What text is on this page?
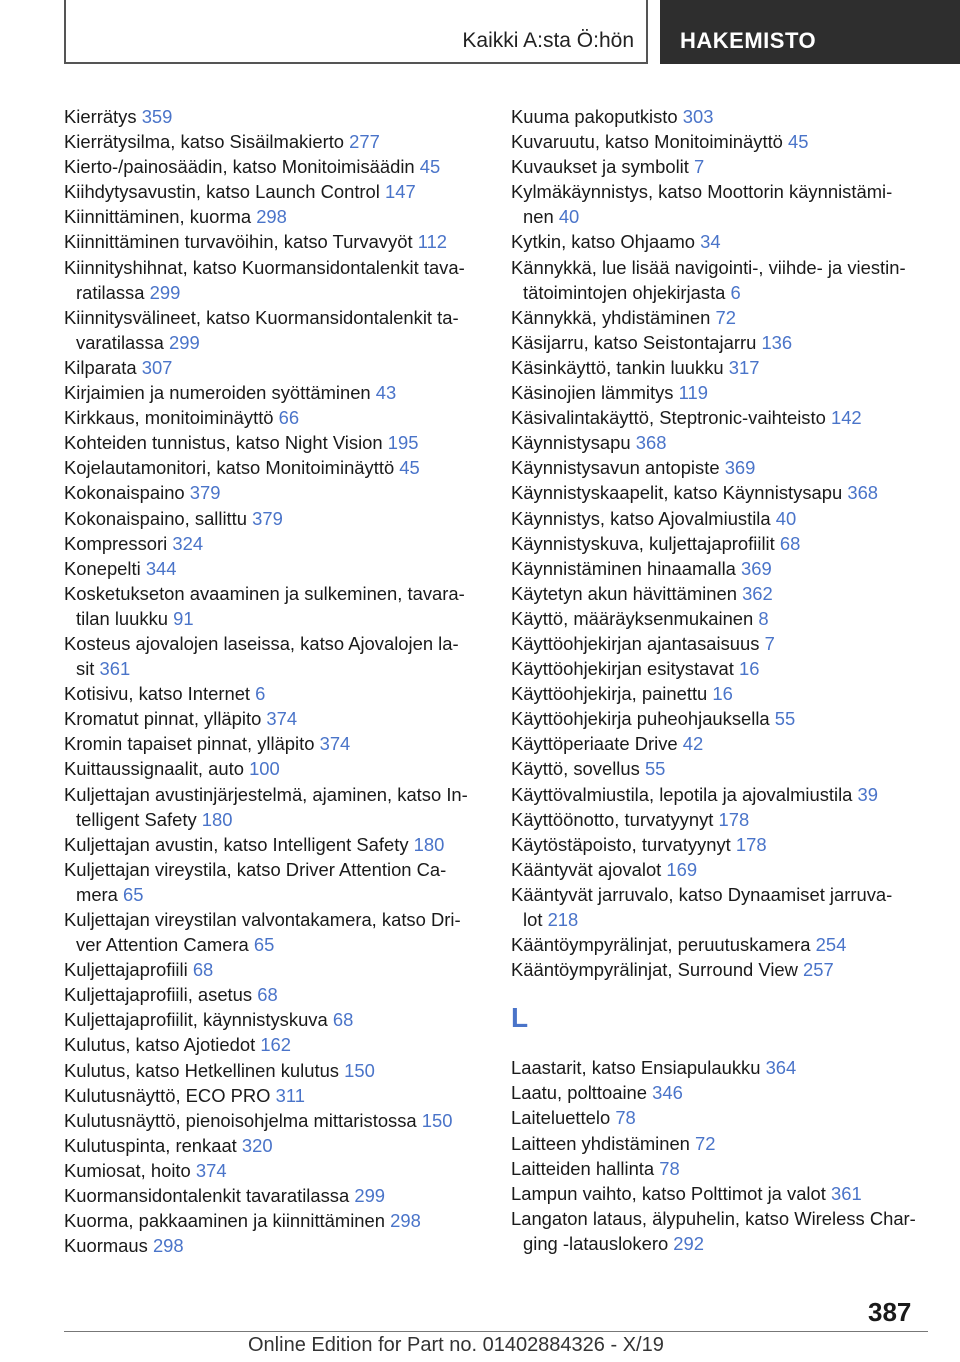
Kaikki A:sta Ö:hön HAKEMISTO
Kierrätys 359
Kierrätysilma, katso Sisäilmakierto 277
Kierto-/painosäädin, katso Monitoimisäädin 45
Kiihdytysavustin, katso Launch Control 147
Kiinnittäminen, kuorma 298
Kiinnittäminen turvavöihin, katso Turvavyöt 112
Kiinnityshihnat, katso Kuormansidontalenkit tava-
ratilassa 299
Kiinnitysvälineet, katso Kuormansidontalenkit ta-
varatilassa 299
Kilparata 307
Kirjaimien ja numeroiden syöttäminen 43
Kirkkaus, monitoiminäyttö 66
Kohteiden tunnistus, katso Night Vision 195
Kojelautamonitori, katso Monitoiminäyttö 45
Kokonaispaino 379
Kokonaispaino, sallittu 379
Kompressori 324
Konepelti 344
Kosketukseton avaaminen ja sulkeminen, tavara-
tilan luukku 91
Kosteus ajovalojen laseissa, katso Ajovalojen la-
sit 361
Kotisivu, katso Internet 6
Kromatut pinnat, ylläpito 374
Kromin tapaiset pinnat, ylläpito 374
Kuittaussignaalit, auto 100
Kuljettajan avustinjärjestelmä, ajaminen, katso In-
telligent Safety 180
Kuljettajan avustin, katso Intelligent Safety 180
Kuljettajan vireystila, katso Driver Attention Ca-
mera 65
Kuljettajan vireystilan valvontakamera, katso Dri-
ver Attention Camera 65
Kuljettajaprofiili 68
Kuljettajaprofiili, asetus 68
Kuljettajaprofiilit, käynnistyskuva 68
Kulutus, katso Ajotiedot 162
Kulutus, katso Hetkellinen kulutus 150
Kulutusnäyttö, ECO PRO 311
Kulutusnäyttö, pienoisohjelma mittaristossa 150
Kulutuspinta, renkaat 320
Kumiosat, hoito 374
Kuormansidontalenkit tavaratilassa 299
Kuorma, pakkaaminen ja kiinnittäminen 298
Kuormaus 298
Kuuma pakoputkisto 303
Kuvaruutu, katso Monitoiminäyttö 45
Kuvaukset ja symbolit 7
Kylmäkäynnistys, katso Moottorin käynnistämi-
nen 40
Kytkin, katso Ohjaamo 34
Kännykkä, lue lisää navigointi-, viihde- ja viestin-
tätoimintojen ohjekirjasta 6
Kännykkä, yhdistäminen 72
Käsijarru, katso Seistontajarru 136
Käsinkäyttö, tankin luukku 317
Käsinojien lämmitys 119
Käsivalintakäyttö, Steptronic-vaihteisto 142
Käynnistysapu 368
Käynnistysavun antopiste 369
Käynnistyskaapelit, katso Käynnistysapu 368
Käynnistys, katso Ajovalmiustila 40
Käynnistyskuva, kuljettajaprofiilit 68
Käynnistäminen hinaamalla 369
Käytetyn akun hävittäminen 362
Käyttö, määräyksenmukainen 8
Käyttöohjekirjan ajantasaisuus 7
Käyttöohjekirjan esitystavat 16
Käyttöohjekirja, painettu 16
Käyttöohjekirja puheohjauksella 55
Käyttöperiaate Drive 42
Käyttö, sovellus 55
Käyttövalmiustila, lepotila ja ajovalmiustila 39
Käyttöönotto, turvatyynyt 178
Käytöstäpoisto, turvatyynyt 178
Kääntyvät ajovalot 169
Kääntyvät jarruvalo, katso Dynaamiset jarruva-
lot 218
Kääntöympyrälinjat, peruutuskamera 254
Kääntöympyrälinjat, Surround View 257
L
Laastarit, katso Ensiapulaukku 364
Laatu, polttoaine 346
Laiteluettelo 78
Laitteen yhdistäminen 72
Laitteiden hallinta 78
Lampun vaihto, katso Polttimot ja valot 361
Langaton lataus, älypuhelin, katso Wireless Char-
ging -latauslokero 292
387
Online Edition for Part no. 01402884326 - X/19
